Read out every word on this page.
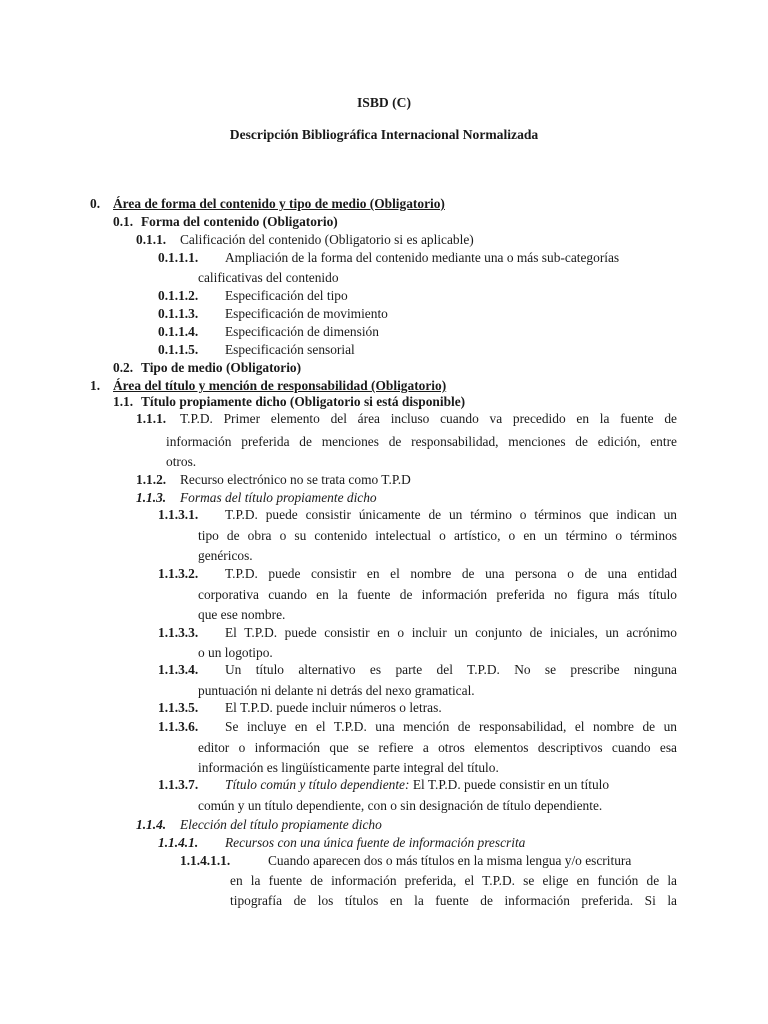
ISBD (C)
Descripción Bibliográfica Internacional Normalizada
0. Área de forma del contenido y tipo de medio (Obligatorio)
0.1. Forma del contenido (Obligatorio)
0.1.1. Calificación del contenido (Obligatorio si es aplicable)
0.1.1.1. Ampliación de la forma del contenido mediante una o más sub-categorías
calificativas del contenido
0.1.1.2. Especificación del tipo
0.1.1.3. Especificación de movimiento
0.1.1.4. Especificación de dimensión
0.1.1.5. Especificación sensorial
0.2. Tipo de medio (Obligatorio)
1. Área del título y mención de responsabilidad (Obligatorio)
1.1. Título propiamente dicho (Obligatorio si está disponible)
1.1.1. T.P.D. Primer elemento del área incluso cuando va precedido en la fuente de
información preferida de menciones de responsabilidad, menciones de edición, entre
otros.
1.1.2. Recurso electrónico no se trata como T.P.D
1.1.3. Formas del título propiamente dicho
1.1.3.1. T.P.D. puede consistir únicamente de un término o términos que indican un
tipo de obra o su contenido intelectual o artístico, o en un término o términos
genéricos.
1.1.3.2. T.P.D. puede consistir en el nombre de una persona o de una entidad
corporativa cuando en la fuente de información preferida no figura más título
que ese nombre.
1.1.3.3. El T.P.D. puede consistir en o incluir un conjunto de iniciales, un acrónimo
o un logotipo.
1.1.3.4. Un título alternativo es parte del T.P.D. No se prescribe ninguna
puntuación ni delante ni detrás del nexo gramatical.
1.1.3.5. El T.P.D. puede incluir números o letras.
1.1.3.6. Se incluye en el T.P.D. una mención de responsabilidad, el nombre de un
editor o información que se refiere a otros elementos descriptivos cuando esa
información es lingüísticamente parte integral del título.
1.1.3.7. Título común y título dependiente: El T.P.D. puede consistir en un título
común y un título dependiente, con o sin designación de título dependiente.
1.1.4. Elección del título propiamente dicho
1.1.4.1. Recursos con una única fuente de información prescrita
1.1.4.1.1.	Cuando aparecen dos o más títulos en la misma lengua y/o escritura
en la fuente de información preferida, el T.P.D. se elige en función de la
tipografía de los títulos en la fuente de información preferida. Si la
